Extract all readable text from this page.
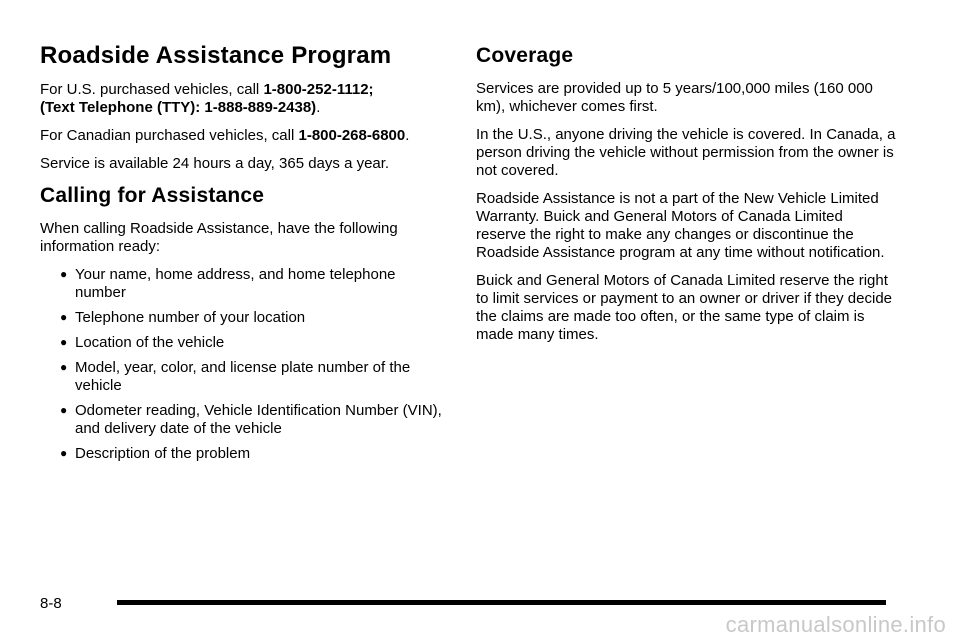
Roadside Assistance Program

For U.S. purchased vehicles, call 1-800-252-1112;
(Text Telephone (TTY): 1-888-889-2438).

For Canadian purchased vehicles, call 1-800-268-6800.

Service is available 24 hours a day, 365 days a year.

Calling for Assistance

When calling Roadside Assistance, have the following information ready:

● Your name, home address, and home telephone number
● Telephone number of your location
● Location of the vehicle
● Model, year, color, and license plate number of the vehicle
● Odometer reading, Vehicle Identification Number (VIN), and delivery date of the vehicle
● Description of the problem
Coverage

Services are provided up to 5 years/100,000 miles (160 000 km), whichever comes first.

In the U.S., anyone driving the vehicle is covered. In Canada, a person driving the vehicle without permission from the owner is not covered.

Roadside Assistance is not a part of the New Vehicle Limited Warranty. Buick and General Motors of Canada Limited reserve the right to make any changes or discontinue the Roadside Assistance program at any time without notification.

Buick and General Motors of Canada Limited reserve the right to limit services or payment to an owner or driver if they decide the claims are made too often, or the same type of claim is made many times.

8-8
carmanualsonline.info
